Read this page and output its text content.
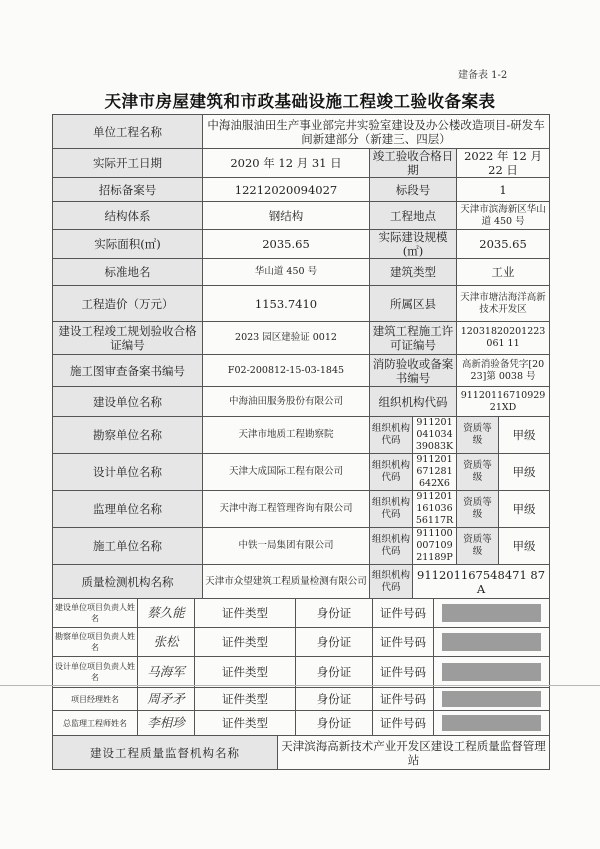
建备表 1-2
天津市房屋建筑和市政基础设施工程竣工验收备案表
单位工程名称	中海油服油田生产事业部完井实验室建设及办公楼改造项目-研发车间新建部分（新建三、四层）					
实际开工日期	2020 年 12 月 31 日		竣工验收合格日期		2022 年 12 月 22 日	
招标备案号	12212020094027		标段号		1	
结构体系	钢结构		工程地点		天津市滨海新区华山道 450 号	
实际面积(㎡)	2035.65		实际建设规模(㎡)		2035.65	
标准地名	华山道 450 号		建筑类型		工业	
工程造价（万元）	1153.7410		所属区县		天津市塘沽海洋高新技术开发区	
建设工程竣工规划验收合格证编号	2023 园区建验证 0012		建筑工程施工许可证编号		12031820201223061 11	
施工图审查备案书编号	F02-200812-15-03-1845		消防验收或备案书编号		高新消验备凭字[2023]第 0038 号	
建设单位名称	中海油田服务股份有限公司		组织机构代码		9112011671092921XD	
勘察单位名称	天津市地质工程勘察院		组织机构代码	91120104103439083K	资质等级	甲级
设计单位名称	天津大成国际工程有限公司		组织机构代码	911201671281642X6	资质等级	甲级
监理单位名称	天津中海工程管理咨询有限公司		组织机构代码	91120116103656117R	资质等级	甲级
施工单位名称	中铁一局集团有限公司		组织机构代码	91110000710921189P	资质等级	甲级
质量检测机构名称	天津市众望建筑工程质量检测有限公司		组织机构代码	911201167548471 87A		

建设单位项目负责人姓名 蔡久能 证件类型 身份证 证件号码						

勘察单位项目负责人姓名 张松 证件类型 身份证 证件号码						

设计单位项目负责人姓名 马海军 证件类型 身份证 证件号码						

项目经理姓名 周矛矛 证件类型 身份证 证件号码						

总监理工程师姓名 李相珍 证件类型 身份证 证件号码						

建设工程质量监督机构名称		天津滨海高新技术产业开发区建设工程质量监督管理站				
